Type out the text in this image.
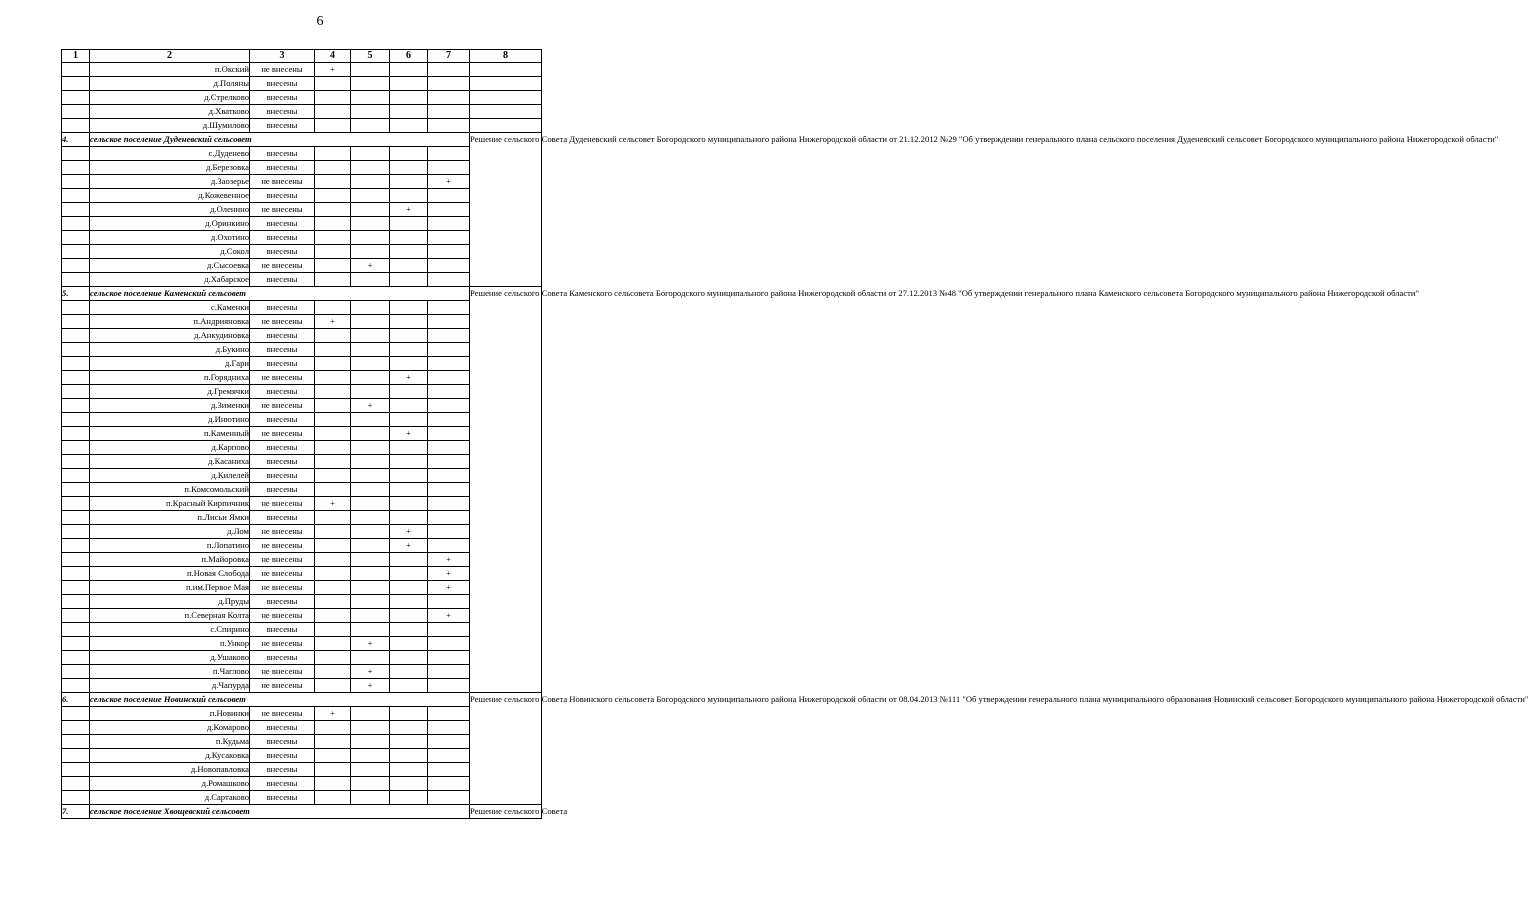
6
1	2	3	4	5	6	7	8
	п.Окский	не внесены	+				
	д.Поляны	внесены					
	д.Стрелково	внесены					
	д.Хватково	внесены					
	д.Шумилово	внесены					
4.	сельское поселение Дуденевский сельсовет						Решение сельского Совета Дуденевский сельсовет Богородского муниципального района Нижегородской области от 21.12.2012 №29 "Об утверждении генерального плана сельского поселения Дуденевский сельсовет Богородского муниципального района Нижегородской области"
	с.Дуденево	внесены					
	д.Березовка	внесены					
	д.Заозерье	не внесены				+	
	д.Кожевенное	внесены					
	д.Оленино	не внесены			+		
	д.Оринкино	внесены					
	д.Охотино	внесены					
	д.Сокол	внесены					
	д.Сысоевка	не внесены		+			
	д.Хабарское	внесены					
5.	сельское поселение Каменский сельсовет						Решение сельского Совета Каменского сельсовета Богородского муниципального района Нижегородской области от 27.12.2013 №48 "Об утверждении генерального плана Каменского сельсовета Богородского муниципального района Нижегородской области"
	с.Каменки	внесены					
	п.Андрияновка	не внесены	+				
	д.Анкудиновка	внесены					
	д.Букино	внесены					
	д.Гари	внесены					
	п.Горядниха	не внесены			+		
	д.Гремячки	внесены					
	д.Зименки	не внесены		+			
	д.Инютино	внесены					
	п.Каменный	не внесены			+		
	д.Карпово	внесены					
	д.Касаниха	внесены					
	д.Килелей	внесены					
	п.Комсомольский	внесены					
	п.Красный Кирпичник	не внесены	+				
	п.Лисьи Ямки	внесены					
	д.Лом	не внесены			+		
	п.Лопатино	не внесены			+		
	п.Майоровка	не внесены				+	
	п.Новая Слобода	не внесены				+	
	п.им.Первое Мая	не внесены				+	
	д.Пруды	внесены					
	п.Северная Колта	не внесены				+	
	с.Спирино	внесены					
	п.Ункор	не внесены		+			
	д.Ушаково	внесены					
	п.Чаглово	не внесены		+			
	д.Чапурда	не внесены		+			
6.	сельское поселение Новинский сельсовет						Решение сельского Совета Новинского сельсовета Богородского муниципального района Нижегородской области от 08.04.2013 №111 "Об утверждении генерального плана муниципального образования Новинский сельсовет Богородского муниципального района Нижегородской области"
	п.Новинки	не внесены	+				
	д.Комарово	внесены					
	п.Кудьма	внесены					
	д.Кусаковка	внесены					
	д.Новопавловка	внесены					
	д.Ромашково	внесены					
	д.Сартаково	внесены					
7.	сельское поселение Хвощевский сельсовет						Решение сельского Совета
